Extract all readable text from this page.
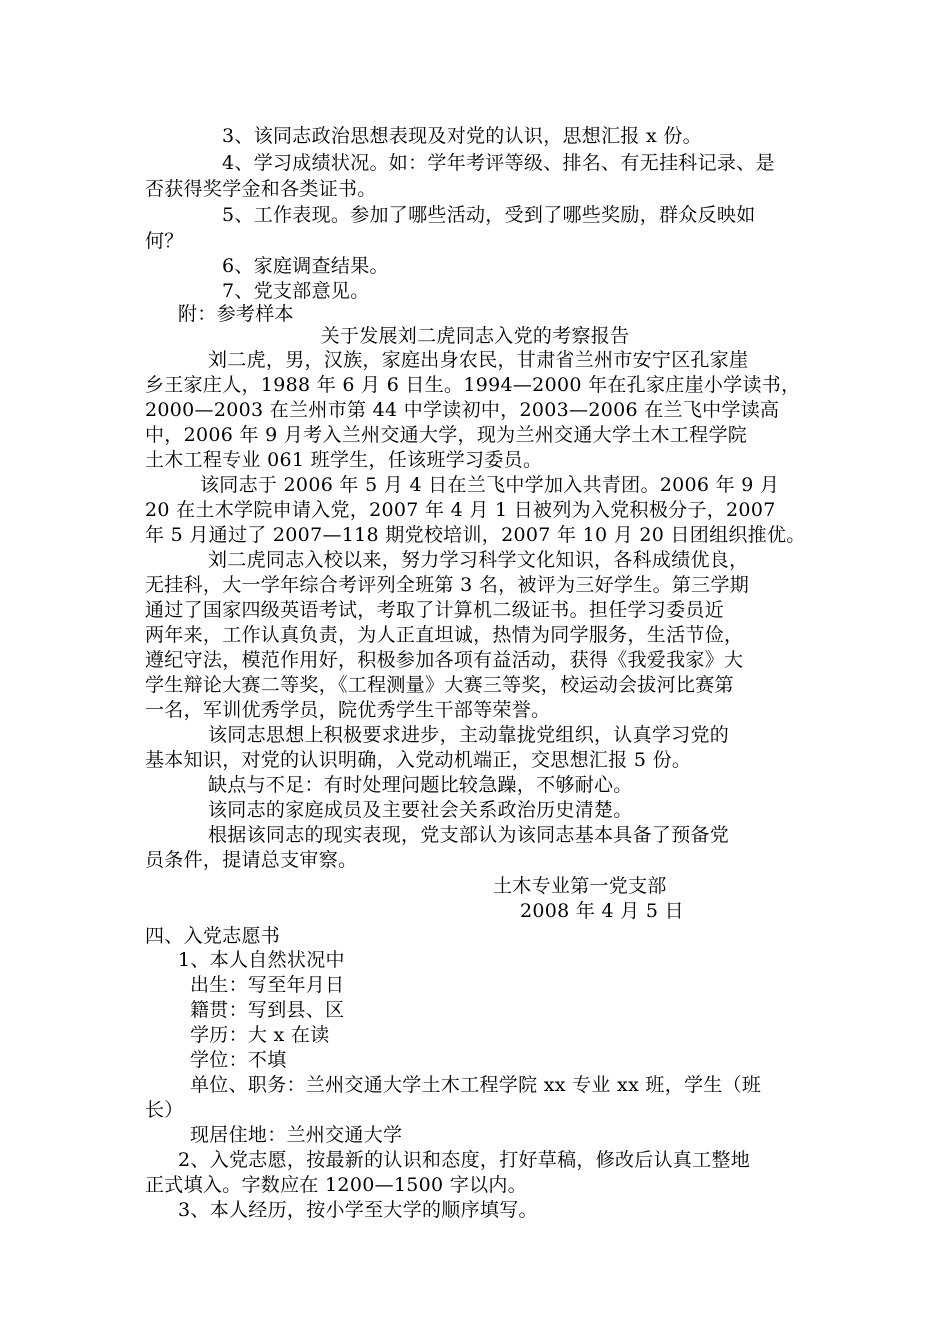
3、该同志政治思想表现及对党的认识，思想汇报 x 份。
4、学习成绩状况。如：学年考评等级、排名、有无挂科记录、是
否获得奖学金和各类证书。
5、工作表现。参加了哪些活动，受到了哪些奖励，群众反映如
何？
6、家庭调查结果。
7、党支部意见。
附：参考样本
关于发展刘二虎同志入党的考察报告
刘二虎，男，汉族，家庭出身农民，甘肃省兰州市安宁区孔家崖
乡王家庄人，1988 年 6 月 6 日生。1994—2000 年在孔家庄崖小学读书，
2000—2003 在兰州市第 44 中学读初中，2003—2006 在兰飞中学读高
中，2006 年 9 月考入兰州交通大学，现为兰州交通大学土木工程学院
土木工程专业 061 班学生，任该班学习委员。
该同志于 2006 年 5 月 4 日在兰飞中学加入共青团。2006 年 9 月
20 在土木学院申请入党，2007 年 4 月 1 日被列为入党积极分子，2007
年 5 月通过了 2007—118 期党校培训，2007 年 10 月 20 日团组织推优。
刘二虎同志入校以来，努力学习科学文化知识，各科成绩优良，
无挂科，大一学年综合考评列全班第 3 名，被评为三好学生。第三学期
通过了国家四级英语考试，考取了计算机二级证书。担任学习委员近
两年来，工作认真负责，为人正直坦诚，热情为同学服务，生活节俭，
遵纪守法，模范作用好，积极参加各项有益活动，获得《我爱我家》大
学生辩论大赛二等奖，《工程测量》大赛三等奖，校运动会拔河比赛第
一名，军训优秀学员，院优秀学生干部等荣誉。
该同志思想上积极要求进步，主动靠拢党组织，认真学习党的
基本知识，对党的认识明确，入党动机端正，交思想汇报 5 份。
缺点与不足：有时处理问题比较急躁，不够耐心。
该同志的家庭成员及主要社会关系政治历史清楚。
根据该同志的现实表现，党支部认为该同志基本具备了预备党
员条件，提请总支审察。
土木专业第一党支部
2008 年 4 月 5 日
四、入党志愿书
1、本人自然状况中
出生：写至年月日
籍贯：写到县、区
学历：大 x 在读
学位：不填
单位、职务：兰州交通大学土木工程学院 xx 专业 xx 班，学生（班
长）
现居住地：兰州交通大学
2、入党志愿，按最新的认识和态度，打好草稿，修改后认真工整地
正式填入。字数应在 1200—1500 字以内。
3、本人经历，按小学至大学的顺序填写。
